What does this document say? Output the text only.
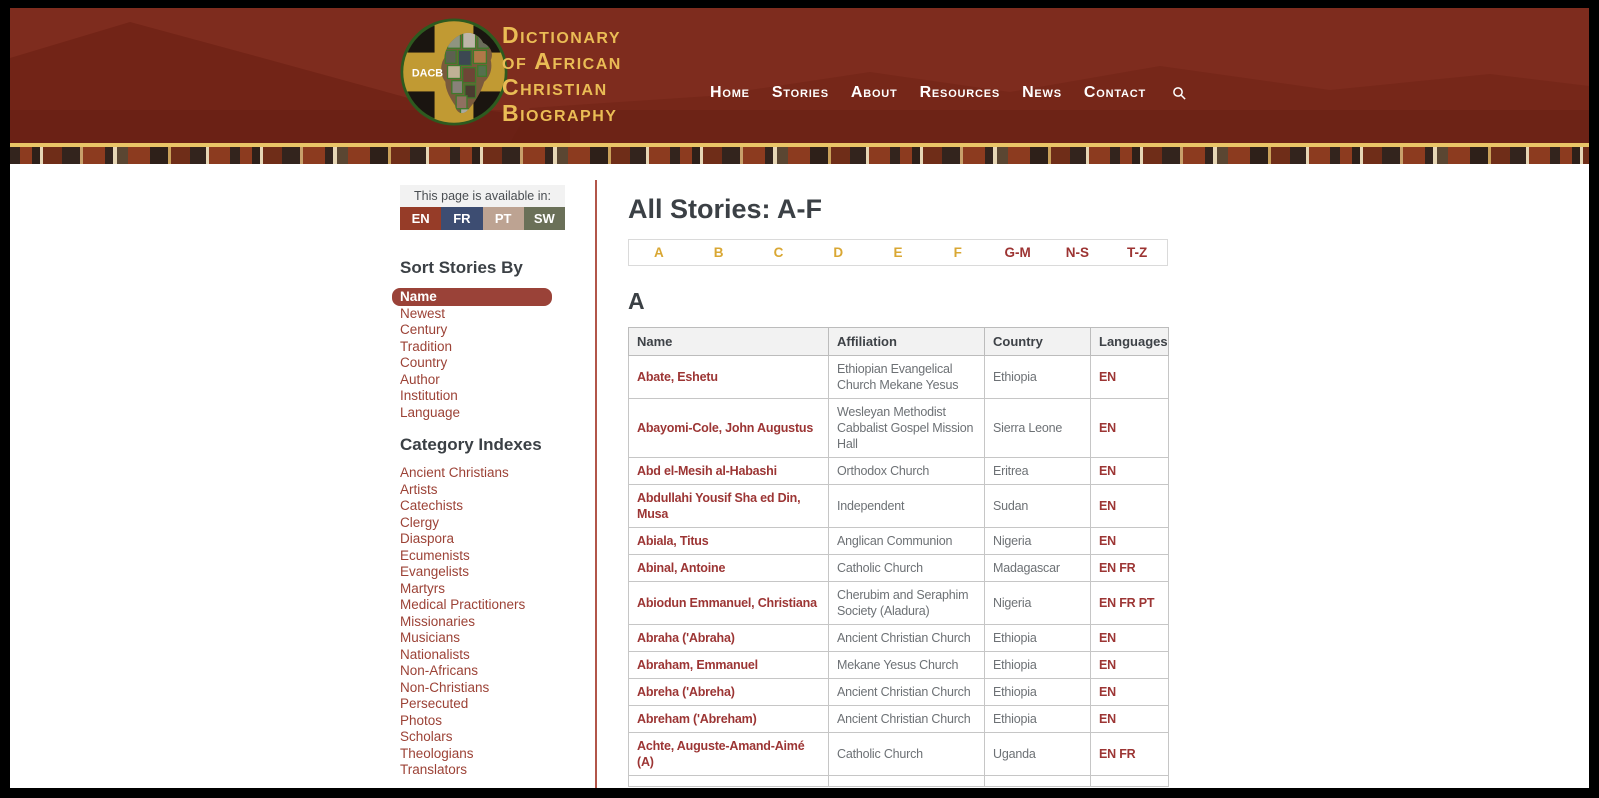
DACB
Dictionary
of African
Christian
Biography
Home Stories About Resources News Contact
This page is available in:
EN	FR	PT	SW
Sort Stories By
Name
Newest
Century
Tradition
Country
Author
Institution
Language
Category Indexes
Ancient Christians
Artists
Catechists
Clergy
Diaspora
Ecumenists
Evangelists
Martyrs
Medical Practitioners
Missionaries
Musicians
Nationalists
Non-Africans
Non-Christians
Persecuted
Photos
Scholars
Theologians
Translators
All Stories: A-F
A	B	C	D	E	F	G-M	N-S	T-Z
A
Name	Affiliation	Country	Languages
Abate, Eshetu	Ethiopian Evangelical Church Mekane Yesus	Ethiopia	EN
Abayomi-Cole, John Augustus	Wesleyan Methodist Cabbalist Gospel Mission Hall	Sierra Leone	EN
Abd el-Mesih al-Habashi	Orthodox Church	Eritrea	EN
Abdullahi Yousif Sha ed Din, Musa	Independent	Sudan	EN
Abiala, Titus	Anglican Communion	Nigeria	EN
Abinal, Antoine	Catholic Church	Madagascar	EN FR
Abiodun Emmanuel, Christiana	Cherubim and Seraphim Society (Aladura)	Nigeria	EN FR PT
Abraha ('Abraha)	Ancient Christian Church	Ethiopia	EN
Abraham, Emmanuel	Mekane Yesus Church	Ethiopia	EN
Abreha ('Abreha)	Ancient Christian Church	Ethiopia	EN
Abreham ('Abreham)	Ancient Christian Church	Ethiopia	EN
Achte, Auguste-Amand-Aimé (A)	Catholic Church	Uganda	EN FR
